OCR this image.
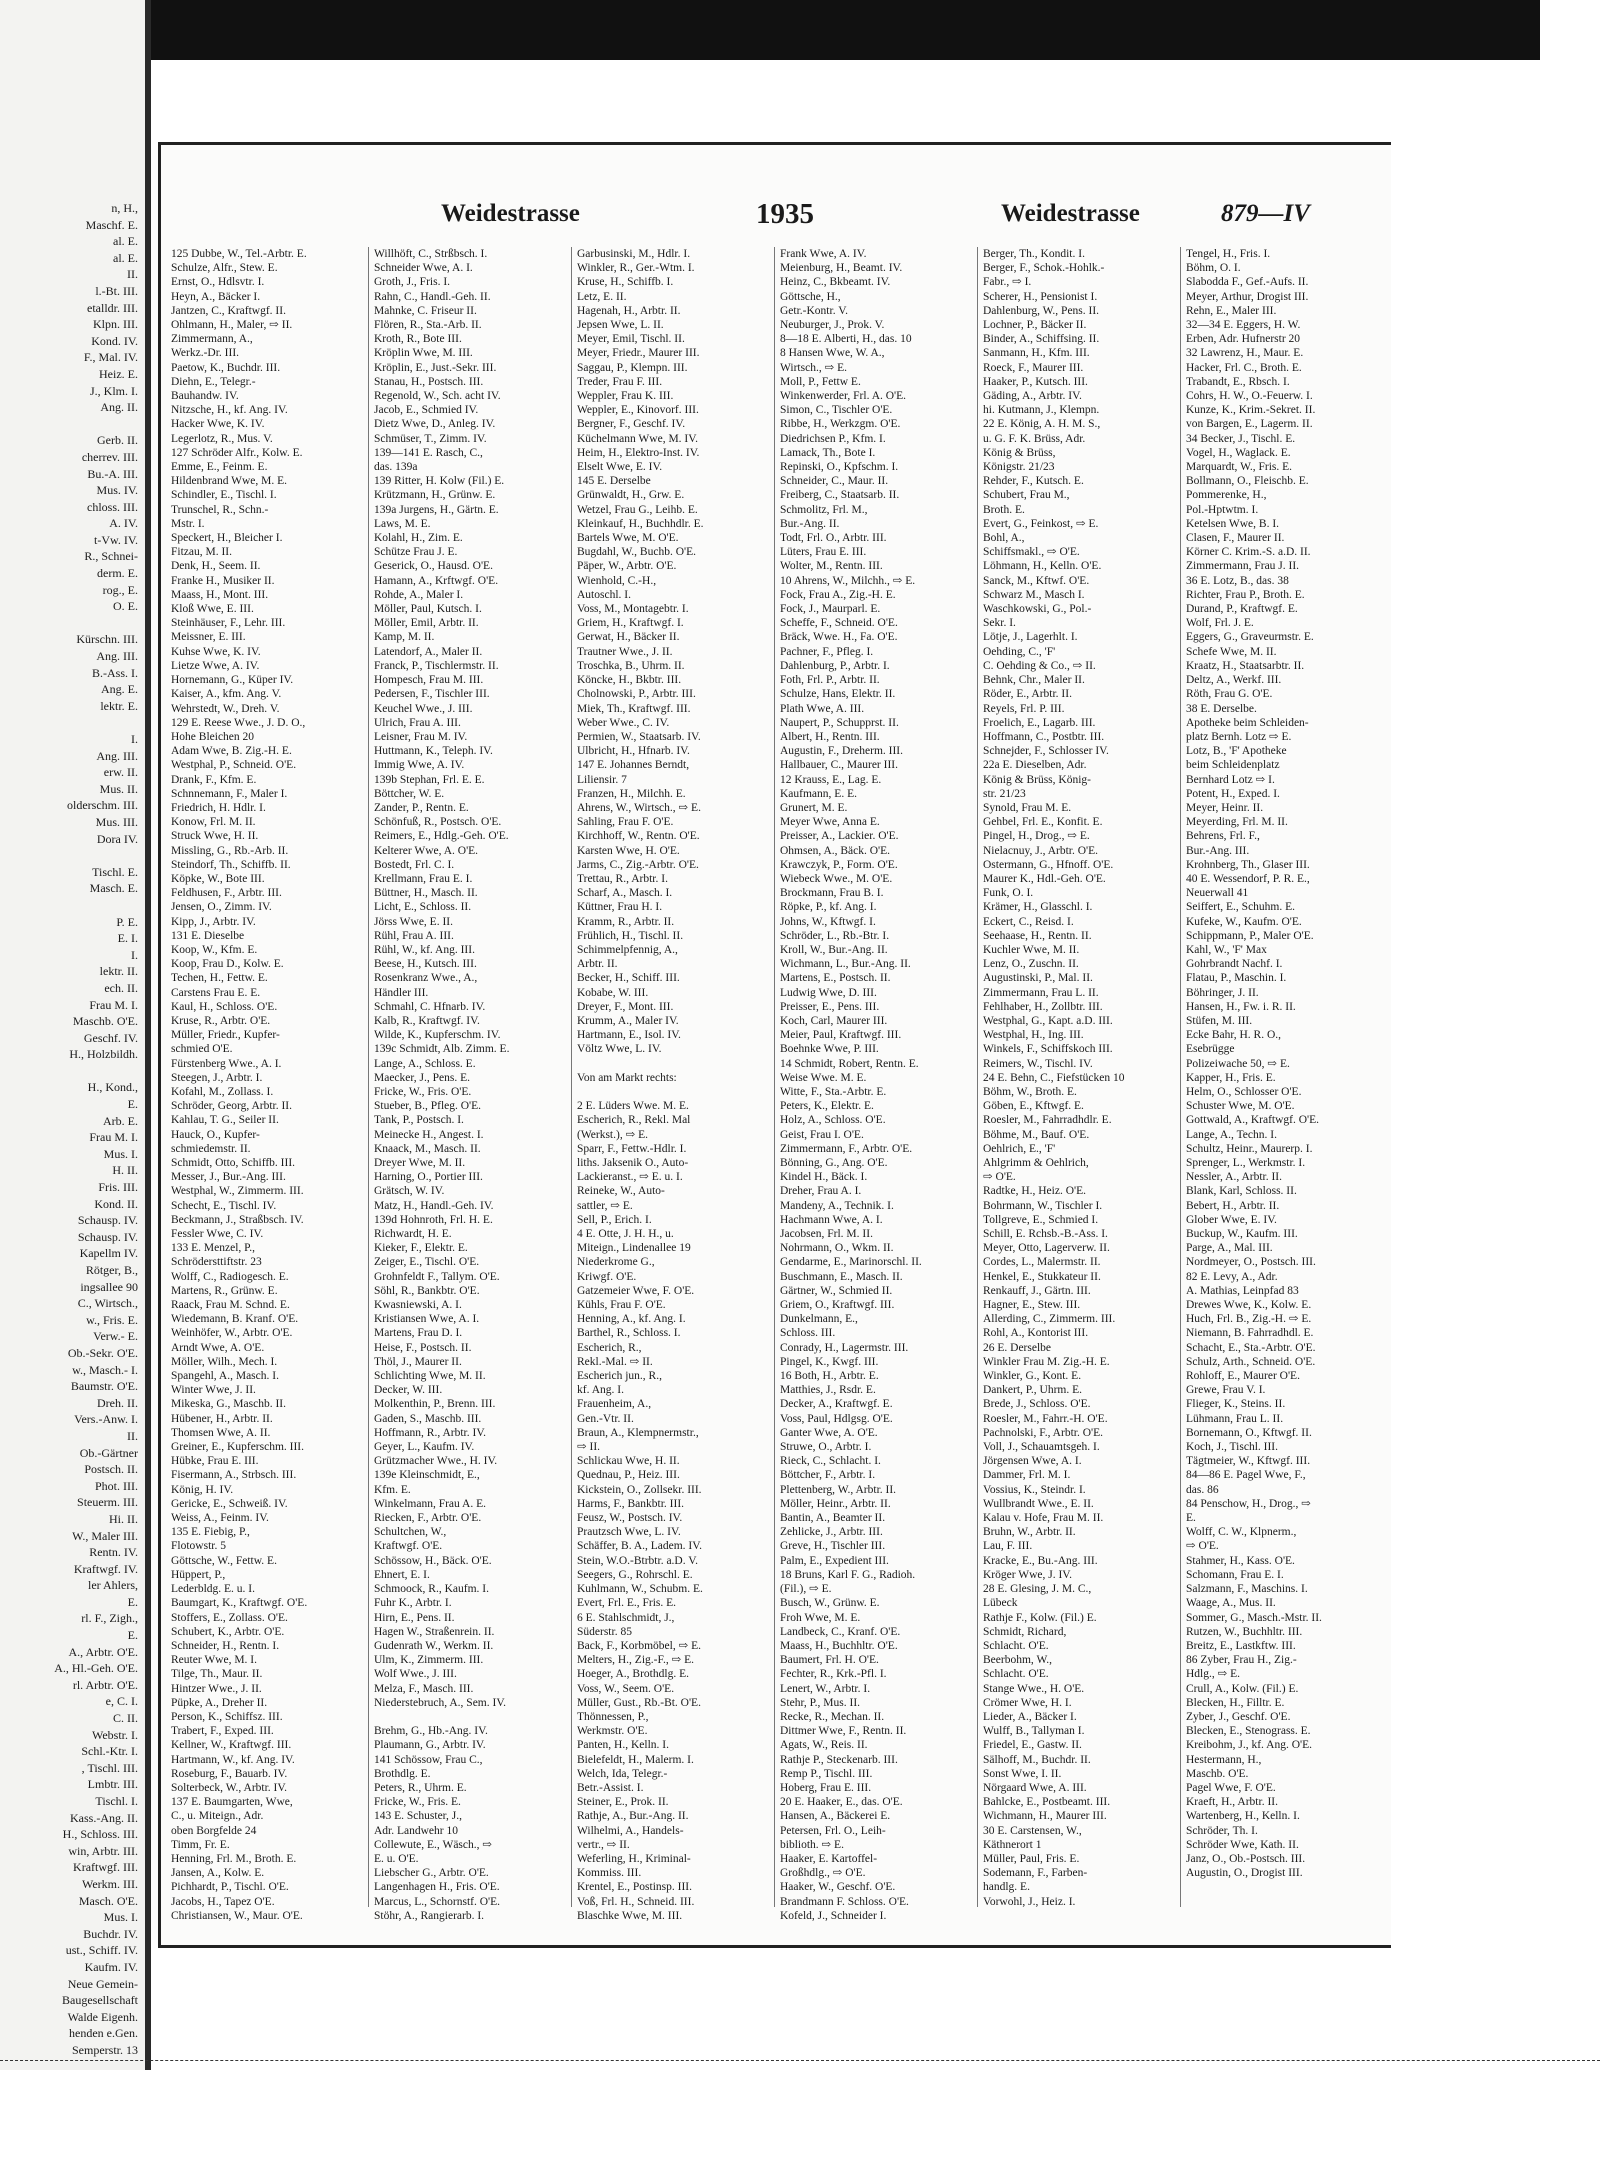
n, H.,
Maschf. E.
al. E.
al. E.
II.
l.-Bt. III.
etalldr. III.
Klpn. III.
Kond. IV.
F., Mal. IV.
Heiz. E.
J., Klm. I.
Ang. II.

Gerb. II.
cherrev. III.
Bu.-A. III.
Mus. IV.
chloss. III.
A. IV.
t-Vw. IV.
R., Schnei-
derm. E.
rog., E.
O. E.

Kürschn. III.
Ang. III.
B.-Ass. I.
Ang. E.
lektr. E.

I.
Ang. III.
erw. II.
Mus. II.
olderschm. III.
Mus. III.
Dora IV.

Tischl. E.
Masch. E.

P. E.
E. I.
I.
lektr. II.
ech. II.
Frau M. I.
Maschb. O'E.
Geschf. IV.
H., Holzbildh.

H., Kond.,
E.
Arb. E.
Frau M. I.
Mus. I.
H. II.
Fris. III.
Kond. II.
Schausp. IV.
Schausp. IV.
Kapellm IV.
Rötger, B.,
ingsallee 90
C., Wirtsch.,
w., Fris. E.
Verw.- E.
Ob.-Sekr. O'E.
w., Masch.- I.
Baumstr. O'E.
Dreh. II.
Vers.-Anw. I.
II.
Ob.-Gärtner
Postsch. II.
Phot. III.
Steuerm. III.
Hi. II.
W., Maler III.
Rentn. IV.
Kraftwgf. IV.
ler Ahlers,
E.
rl. F., Zigh.,
E.
A., Arbtr. O'E.
A., Hl.-Geh. O'E.
rl. Arbtr. O'E.
e, C. I.
C. II.
Webstr. I.
Schl.-Ktr. I.
, Tischl. III.
Lmbtr. III.
Tischl. I.
Kass.-Ang. II.
H., Schloss. III.
win, Arbtr. III.
Kraftwgf. III.
Werkm. III.
Masch. O'E.
Mus. I.
Buchdr. IV.
ust., Schiff. IV.
Kaufm. IV.
Neue Gemein-
Baugesellschaft
Walde Eigenh.
henden e.Gen.
Semperstr. 13
Weidestrasse	1935	Weidestrasse	879—IV
125 Dubbe, W., Tel.-Arbtr. E.
Schulze, Alfr., Stew. E.
Ernst, O., Hdlsvtr. I.
Heyn, A., Bäcker I.
Jantzen, C., Kraftwgf. II.
Ohlmann, H., Maler, ⇨ II.
Zimmermann, A.,
Werkz.-Dr. III.
Paetow, K., Buchdr. III.
Diehn, E., Telegr.-
Bauhandw. IV.
Nitzsche, H., kf. Ang. IV.
Hacker Wwe, K. IV.
Legerlotz, R., Mus. V.
127 Schröder Alfr., Kolw. E.
Emme, E., Feinm. E.
Hildenbrand Wwe, M. E.
Schindler, E., Tischl. I.
Trunschel, R., Schn.-
Mstr. I.
Speckert, H., Bleicher I.
Fitzau, M. II.
Denk, H., Seem. II.
Franke H., Musiker II.
Maass, H., Mont. III.
Kloß Wwe, E. III.
Steinhäuser, F., Lehr. III.
Meissner, E. III.
Kuhse Wwe, K. IV.
Lietze Wwe, A. IV.
Hornemann, G., Küper IV.
Kaiser, A., kfm. Ang. V.
Wehrstedt, W., Dreh. V.
129 E. Reese Wwe., J. D. O.,
Hohe Bleichen 20
Adam Wwe, B. Zig.-H. E.
Westphal, P., Schneid. O'E.
Drank, F., Kfm. E.
Schnnemann, F., Maler I.
Friedrich, H. Hdlr. I.
Konow, Frl. M. II.
Struck Wwe, H. II.
Missling, G., Rb.-Arb. II.
Steindorf, Th., Schiffb. II.
Köpke, W., Bote III.
Feldhusen, F., Arbtr. III.
Jensen, O., Zimm. IV.
Kipp, J., Arbtr. IV.
131 E. Dieselbe
Koop, W., Kfm. E.
Koop, Frau D., Kolw. E.
Techen, H., Fettw. E.
Carstens Frau E. E.
Kaul, H., Schloss. O'E.
Kruse, R., Arbtr. O'E.
Müller, Friedr., Kupfer-
schmied O'E.
Fürstenberg Wwe., A. I.
Steegen, J., Arbtr. I.
Kofahl, M., Zollass. I.
Schröder, Georg, Arbtr. II.
Kahlau, T. G., Seiler II.
Hauck, O., Kupfer-
schmiedemstr. II.
Schmidt, Otto, Schiffb. III.
Messer, J., Bur.-Ang. III.
Westphal, W., Zimmerm. III.
Schecht, E., Tischl. IV.
Beckmann, J., Straßbsch. IV.
Fessler Wwe, C. IV.
133 E. Menzel, P.,
Schrödersttiftstr. 23
Wolff, C., Radiogesch. E.
Martens, R., Grünw. E.
Raack, Frau M. Schnd. E.
Wiedemann, B. Kranf. O'E.
Weinhöfer, W., Arbtr. O'E.
Arndt Wwe, A. O'E.
Möller, Wilh., Mech. I.
Spangehl, A., Masch. I.
Winter Wwe, J. II.
Mikeska, G., Maschb. II.
Hübener, H., Arbtr. II.
Thomsen Wwe, A. II.
Greiner, E., Kupferschm. III.
Hübke, Frau E. III.
Fisermann, A., Strbsch. III.
König, H. IV.
Gericke, E., Schweiß. IV.
Weiss, A., Feinm. IV.
135 E. Fiebig, P.,
Flotowstr. 5
Göttsche, W., Fettw. E.
Hüppert, P.,
Lederbldg. E. u. I.
Baumgart, K., Kraftwgf. O'E.
Stoffers, E., Zollass. O'E.
Schubert, K., Arbtr. O'E.
Schneider, H., Rentn. I.
Reuter Wwe, M. I.
Tilge, Th., Maur. II.
Hintzer Wwe., J. II.
Püpke, A., Dreher II.
Person, K., Schiffsz. III.
Trabert, F., Exped. III.
Kellner, W., Kraftwgf. III.
Hartmann, W., kf. Ang. IV.
Roseburg, F., Bauarb. IV.
Solterbeck, W., Arbtr. IV.
137 E. Baumgarten, Wwe,
C., u. Miteign., Adr.
oben Borgfelde 24
Timm, Fr. E.
Henning, Frl. M., Broth. E.
Jansen, A., Kolw. E.
Pichhardt, P., Tischl. O'E.
Jacobs, H., Tapez O'E.
Christiansen, W., Maur. O'E.
Willhöft, C., Strßbsch. I.
Schneider Wwe, A. I.
Groth, J., Fris. I.
Rahn, C., Handl.-Geh. II.
Mahnke, C. Friseur II.
Flören, R., Sta.-Arb. II.
Kroth, R., Bote III.
Kröplin Wwe, M. III.
Kröplin, E., Just.-Sekr. III.
Stanau, H., Postsch. III.
Regenold, W., Sch. acht IV.
Jacob, E., Schmied IV.
Dietz Wwe, D., Anleg. IV.
Schmüser, T., Zimm. IV.
139—141 E. Rasch, C.,
das. 139a
139 Ritter, H. Kolw (Fil.) E.
Krützmann, H., Grünw. E.
139a Jurgens, H., Gärtn. E.
Laws, M. E.
Kolahl, H., Zim. E.
Schütze Frau J. E.
Geserick, O., Hausd. O'E.
Hamann, A., Krftwgf. O'E.
Rohde, A., Maler I.
Möller, Paul, Kutsch. I.
Möller, Emil, Arbtr. II.
Kamp, M. II.
Latendorf, A., Maler II.
Franck, P., Tischlermstr. II.
Hompesch, Frau M. III.
Pedersen, F., Tischler III.
Keuchel Wwe., J. III.
Ulrich, Frau A. III.
Leisner, Frau M. IV.
Huttmann, K., Teleph. IV.
Immig Wwe, A. IV.
139b Stephan, Frl. E. E.
Böttcher, W. E.
Zander, P., Rentn. E.
Schönfuß, R., Postsch. O'E.
Reimers, E., Hdlg.-Geh. O'E.
Kelterer Wwe, A. O'E.
Bostedt, Frl. C. I.
Krellmann, Frau E. I.
Büttner, H., Masch. II.
Licht, E., Schloss. II.
Jörss Wwe, E. II.
Rühl, Frau A. III.
Rühl, W., kf. Ang. III.
Beese, H., Kutsch. III.
Rosenkranz Wwe., A.,
Händler III.
Schmahl, C. Hfnarb. IV.
Kalb, R., Kraftwgf. IV.
Wilde, K., Kupferschm. IV.
139c Schmidt, Alb. Zimm. E.
Lange, A., Schloss. E.
Maecker, J., Pens. E.
Fricke, W., Fris. O'E.
Stueber, B., Pfleg. O'E.
Tank, P., Postsch. I.
Meinecke H., Angest. I.
Knaack, M., Masch. II.
Dreyer Wwe, M. II.
Harning, O., Portier III.
Grätsch, W. IV.
Matz, H., Handl.-Geh. IV.
139d Hohnroth, Frl. H. E.
Richwardt, H. E.
Kieker, F., Elektr. E.
Zeiger, E., Tischl. O'E.
Grohnfeldt F., Tallym. O'E.
Söhl, R., Bankbtr. O'E.
Kwasniewski, A. I.
Kristiansen Wwe, A. I.
Martens, Frau D. I.
Heise, F., Postsch. II.
Thöl, J., Maurer II.
Schlichting Wwe, M. II.
Decker, W. III.
Molkenthin, P., Brenn. III.
Gaden, S., Maschb. III.
Hoffmann, R., Arbtr. IV.
Geyer, L., Kaufm. IV.
Grützmacher Wwe., H. IV.
139e Kleinschmidt, E.,
Kfm. E.
Winkelmann, Frau A. E.
Riecken, F., Arbtr. O'E.
Schultchen, W.,
Kraftwgf. O'E.
Schössow, H., Bäck. O'E.
Ehnert, E. I.
Schmoock, R., Kaufm. I.
Fuhr K., Arbtr. I.
Hirn, E., Pens. II.
Hagen W., Straßenrein. II.
Gudenrath W., Werkm. II.
Ulm, K., Zimmerm. III.
Wolf Wwe., J. III.
Melza, F., Masch. III.
Niederstebruch, A., Sem. IV.

Brehm, G., Hb.-Ang. IV.
Plaumann, G., Arbtr. IV.
141 Schössow, Frau C.,
Brothdlg. E.
Peters, R., Uhrm. E.
Fricke, W., Fris. E.
143 E. Schuster, J.,
Adr. Landwehr 10
Collewute, E., Wäsch., ⇨
E. u. O'E.
Liebscher G., Arbtr. O'E.
Langenhagen H., Fris. O'E.
Marcus, L., Schornstf. O'E.
Stöhr, A., Rangierarb. I.
Garbusinski, M., Hdlr. I.
Winkler, R., Ger.-Wtm. I.
Kruse, H., Schiffb. I.
Letz, E. II.
Hagenah, H., Arbtr. II.
Jepsen Wwe, L. II.
Meyer, Emil, Tischl. II.
Meyer, Friedr., Maurer III.
Saggau, P., Klempn. III.
Treder, Frau F. III.
Weppler, Frau K. III.
Weppler, E., Kinovorf. III.
Bergner, F., Geschf. IV.
Küchelmann Wwe, M. IV.
Heim, H., Elektro-Inst. IV.
Elselt Wwe, E. IV.
145 E. Derselbe
Grünwaldt, H., Grw. E.
Wetzel, Frau G., Leihb. E.
Kleinkauf, H., Buchhdlr. E.
Bartels Wwe, M. O'E.
Bugdahl, W., Buchb. O'E.
Päper, W., Arbtr. O'E.
Wienhold, C.-H.,
Autoschl. I.
Voss, M., Montagebtr. I.
Griem, H., Kraftwgf. I.
Gerwat, H., Bäcker II.
Trautner Wwe., J. II.
Troschka, B., Uhrm. II.
Köncke, H., Bkbtr. III.
Cholnowski, P., Arbtr. III.
Miek, Th., Kraftwgf. III.
Weber Wwe., C. IV.
Permien, W., Staatsarb. IV.
Ulbricht, H., Hfnarb. IV.
147 E. Johannes Berndt,
Liliensir. 7
Franzen, H., Milchh. E.
Ahrens, W., Wirtsch., ⇨ E.
Sahling, Frau F. O'E.
Kirchhoff, W., Rentn. O'E.
Karsten Wwe, H. O'E.
Jarms, C., Zig.-Arbtr. O'E.
Trettau, R., Arbtr. I.
Scharf, A., Masch. I.
Küttner, Frau H. I.
Kramm, R., Arbtr. II.
Frühlich, H., Tischl. II.
Schimmelpfennig, A.,
Arbtr. II.
Becker, H., Schiff. III.
Kobabe, W. III.
Dreyer, F., Mont. III.
Krumm, A., Maler IV.
Hartmann, E., Isol. IV.
Völtz Wwe, L. IV.

Von am Markt rechts:

2 E. Lüders Wwe. M. E.
Escherich, R., Rekl. Mal
(Werkst.), ⇨ E.
Sparr, F., Fettw.-Hdlr. I.
liths. Jaksenik O., Auto-
Lackieranst., ⇨ E. u. I.
Reineke, W., Auto-
sattler, ⇨ E.
Sell, P., Erich. I.
4 E. Otte, J. H. H., u.
Miteign., Lindenallee 19
Niederkrome G.,
Kriwgf. O'E.
Gatzemeier Wwe, F. O'E.
Kühls, Frau F. O'E.
Henning, A., kf. Ang. I.
Barthel, R., Schloss. I.
Escherich, R.,
Rekl.-Mal. ⇨ II.
Escherich jun., R.,
kf. Ang. I.
Frauenheim, A.,
Gen.-Vtr. II.
Braun, A., Klempnermstr.,
⇨ II.
Schlickau Wwe, H. II.
Quednau, P., Heiz. III.
Kickstein, O., Zollsekr. III.
Harms, F., Bankbtr. III.
Feusz, W., Postsch. IV.
Prautzsch Wwe, L. IV.
Schäffer, B. A., Ladem. IV.
Stein, W.O.-Btrbtr. a.D. V.
Seegers, G., Rohrschl. E.
Kuhlmann, W., Schubm. E.
Evert, Frl. E., Fris. E.
6 E. Stahlschmidt, J.,
Süderstr. 85
Back, F., Korbmöbel, ⇨ E.
Melters, H., Zig.-F., ⇨ E.
Hoeger, A., Brothdlg. E.
Voss, W., Seem. O'E.
Müller, Gust., Rb.-Bt. O'E.
Thönnessen, P.,
Werkmstr. O'E.
Panten, H., Kelln. I.
Bielefeldt, H., Malerm. I.
Welch, Ida, Telegr.-
Betr.-Assist. I.
Steiner, E., Prok. II.
Rathje, A., Bur.-Ang. II.
Wilhelmi, A., Handels-
vertr., ⇨ II.
Weferling, H., Kriminal-
Kommiss. III.
Krentel, E., Postinsp. III.
Voß, Frl. H., Schneid. III.
Blaschke Wwe, M. III.
Frank Wwe, A. IV.
Meienburg, H., Beamt. IV.
Heinz, C., Bkbeamt. IV.
Göttsche, H.,
Getr.-Kontr. V.
Neuburger, J., Prok. V.
8—18 E. Alberti, H., das. 10
8 Hansen Wwe, W. A.,
Wirtsch., ⇨ E.
Moll, P., Fettw E.
Winkenwerder, Frl. A. O'E.
Simon, C., Tischler O'E.
Ribbe, H., Werkzgm. O'E.
Diedrichsen P., Kfm. I.
Lamack, Th., Bote I.
Repinski, O., Kpfschm. I.
Schneider, C., Maur. II.
Freiberg, C., Staatsarb. II.
Schmolitz, Frl. M.,
Bur.-Ang. II.
Todt, Frl. O., Arbtr. III.
Lüters, Frau E. III.
Wolter, M., Rentn. III.
10 Ahrens, W., Milchh., ⇨ E.
Fock, Frau A., Zig.-H. E.
Fock, J., Maurparl. E.
Scheffe, F., Schneid. O'E.
Bräck, Wwe. H., Fa. O'E.
Pachner, F., Pfleg. I.
Dahlenburg, P., Arbtr. I.
Foth, Frl. P., Arbtr. II.
Schulze, Hans, Elektr. II.
Plath Wwe, A. III.
Naupert, P., Schupprst. II.
Albert, H., Rentn. III.
Augustin, F., Dreherm. III.
Hallbauer, C., Maurer III.
12 Krauss, E., Lag. E.
Kaufmann, E. E.
Grunert, M. E.
Meyer Wwe, Anna E.
Preisser, A., Lackier. O'E.
Ohmsen, A., Bäck. O'E.
Krawczyk, P., Form. O'E.
Wiebeck Wwe., M. O'E.
Brockmann, Frau B. I.
Röpke, P., kf. Ang. I.
Johns, W., Kftwgf. I.
Schröder, L., Rb.-Btr. I.
Kroll, W., Bur.-Ang. II.
Wichmann, L., Bur.-Ang. II.
Martens, E., Postsch. II.
Ludwig Wwe, D. III.
Preisser, E., Pens. III.
Koch, Carl, Maurer III.
Meier, Paul, Kraftwgf. III.
Boehnke Wwe, P. III.
14 Schmidt, Robert, Rentn. E.
Weise Wwe. M. E.
Witte, F., Sta.-Arbtr. E.
Peters, K., Elektr. E.
Holz, A., Schloss. O'E.
Geist, Frau I. O'E.
Zimmermann, F., Arbtr. O'E.
Bönning, G., Ang. O'E.
Kindel H., Bäck. I.
Dreher, Frau A. I.
Mandeny, A., Technik. I.
Hachmann Wwe, A. I.
Jacobsen, Frl. M. II.
Nohrmann, O., Wkm. II.
Gendarme, E., Marinorschl. II.
Buschmann, E., Masch. II.
Gärtner, W., Schmied II.
Griem, O., Kraftwgf. III.
Dunkelmann, E.,
Schloss. III.
Conrady, H., Lagermstr. III.
Pingel, K., Kwgf. III.
16 Both, H., Arbtr. E.
Matthies, J., Rsdr. E.
Decker, A., Kraftwgf. E.
Voss, Paul, Hdlgsg. O'E.
Ganter Wwe, A. O'E.
Struwe, O., Arbtr. I.
Rieck, C., Schlacht. I.
Böttcher, F., Arbtr. I.
Plettenberg, W., Arbtr. II.
Möller, Heinr., Arbtr. II.
Bantin, A., Beamter II.
Zehlicke, J., Arbtr. III.
Greve, H., Tischler III.
Palm, E., Expedient III.
18 Bruns, Karl F. G., Radioh.
(Fil.), ⇨ E.
Busch, W., Grünw. E.
Froh Wwe, M. E.
Landbeck, C., Kranf. O'E.
Maass, H., Buchhltr. O'E.
Baumert, Frl. H. O'E.
Fechter, R., Krk.-Pfl. I.
Lenert, W., Arbtr. I.
Stehr, P., Mus. II.
Recke, R., Mechan. II.
Dittmer Wwe, F., Rentn. II.
Agats, W., Reis. II.
Rathje P., Steckenarb. III.
Remp P., Tischl. III.
Hoberg, Frau E. III.
20 E. Haaker, E., das. O'E.
Hansen, A., Bäckerei E.
Petersen, Frl. O., Leih-
biblioth. ⇨ E.
Haaker, E. Kartoffel-
Großhdlg., ⇨ O'E.
Haaker, W., Geschf. O'E.
Brandmann F. Schloss. O'E.
Kofeld, J., Schneider I.
Berger, Th., Kondit. I.
Berger, F., Schok.-Hohlk.-
Fabr., ⇨ I.
Scherer, H., Pensionist I.
Dahlenburg, W., Pens. II.
Lochner, P., Bäcker II.
Binder, A., Schiffsing. II.
Sanmann, H., Kfm. III.
Roeck, F., Maurer III.
Haaker, P., Kutsch. III.
Gäding, A., Arbtr. IV.
hi. Kutmann, J., Klempn.
22 E. König, A. H. M. S.,
u. G. F. K. Brüss, Adr.
König & Brüss,
Königstr. 21/23
Rehder, F., Kutsch. E.
Schubert, Frau M.,
Broth. E.
Evert, G., Feinkost, ⇨ E.
Bohl, A.,
Schiffsmakl., ⇨ O'E.
Löhmann, H., Kelln. O'E.
Sanck, M., Kftwf. O'E.
Schwarz M., Masch I.
Waschkowski, G., Pol.-
Sekr. I.
Lötje, J., Lagerhlt. I.
Oehding, C., 'F'
C. Oehding & Co., ⇨ II.
Behnk, Chr., Maler II.
Röder, E., Arbtr. II.
Reyels, Frl. P. III.
Froelich, E., Lagarb. III.
Hoffmann, C., Postbtr. III.
Schnejder, F., Schlosser IV.
22a E. Dieselben, Adr.
König & Brüss, König-
str. 21/23
Synold, Frau M. E.
Gehbel, Frl. E., Konfit. E.
Pingel, H., Drog., ⇨ E.
Nielacnuy, J., Arbtr. O'E.
Ostermann, G., Hfnoff. O'E.
Maurer K., Hdl.-Geh. O'E.
Funk, O. I.
Krämer, H., Glasschl. I.
Eckert, C., Reisd. I.
Seehaase, H., Rentn. II.
Kuchler Wwe, M. II.
Lenz, O., Zuschn. II.
Augustinski, P., Mal. II.
Zimmermann, Frau L. II.
Fehlhaber, H., Zollbtr. III.
Westphal, G., Kapt. a.D. III.
Westphal, H., Ing. III.
Winkels, F., Schiffskoch III.
Reimers, W., Tischl. IV.
24 E. Behn, C., Fiefstücken 10
Böhm, W., Broth. E.
Göben, E., Kftwgf. E.
Roesler, M., Fahrradhdlr. E.
Böhme, M., Bauf. O'E.
Oehlrich, E., 'F'
Ahlgrimm & Oehlrich,
⇨ O'E.
Radtke, H., Heiz. O'E.
Bohrmann, W., Tischler I.
Tollgreve, E., Schmied I.
Schill, E. Rchsb.-B.-Ass. I.
Meyer, Otto, Lagerverw. II.
Cordes, L., Malermstr. II.
Henkel, E., Stukkateur II.
Renkauff, J., Gärtn. III.
Hagner, E., Stew. III.
Allerding, C., Zimmerm. III.
Rohl, A., Kontorist III.
26 E. Derselbe
Winkler Frau M. Zig.-H. E.
Winkler, G., Kont. E.
Dankert, P., Uhrm. E.
Brede, J., Schloss. O'E.
Roesler, M., Fahrr.-H. O'E.
Pachnolski, F., Arbtr. O'E.
Voll, J., Schauamtsgeh. I.
Jörgensen Wwe, A. I.
Dammer, Frl. M. I.
Vossius, K., Steindr. I.
Wullbrandt Wwe., E. II.
Kalau v. Hofe, Frau M. II.
Bruhn, W., Arbtr. II.
Lau, F. III.
Kracke, E., Bu.-Ang. III.
Kröger Wwe, J. IV.
28 E. Glesing, J. M. C.,
Lübeck
Rathje F., Kolw. (Fil.) E.
Schmidt, Richard,
Schlacht. O'E.
Beerbohm, W.,
Schlacht. O'E.
Stange Wwe., H. O'E.
Crömer Wwe, H. I.
Lieder, A., Bäcker I.
Wulff, B., Tallyman I.
Friedel, E., Gastw. II.
Sälhoff, M., Buchdr. II.
Sonst Wwe, I. II.
Nörgaard Wwe, A. III.
Bahlcke, E., Postbeamt. III.
Wichmann, H., Maurer III.
30 E. Carstensen, W.,
Käthnerort 1
Müller, Paul, Fris. E.
Sodemann, F., Farben-
handlg. E.
Vorwohl, J., Heiz. I.
Tengel, H., Fris. I.
Böhm, O. I.
Slabodda F., Gef.-Aufs. II.
Meyer, Arthur, Drogist III.
Rehn, E., Maler III.
32—34 E. Eggers, H. W.
Erben, Adr. Hufnerstr 20
32 Lawrenz, H., Maur. E.
Hacker, Frl. C., Broth. E.
Trabandt, E., Rbsch. I.
Cohrs, H. W., O.-Feuerw. I.
Kunze, K., Krim.-Sekret. II.
von Bargen, E., Lagerm. II.
34 Becker, J., Tischl. E.
Vogel, H., Waglack. E.
Marquardt, W., Fris. E.
Bollmann, O., Fleischb. E.
Pommerenke, H.,
Pol.-Hptwtm. I.
Ketelsen Wwe, B. I.
Clasen, F., Maurer II.
Körner C. Krim.-S. a.D. II.
Zimmermann, Frau J. II.
36 E. Lotz, B., das. 38
Richter, Frau P., Broth. E.
Durand, P., Kraftwgf. E.
Wolf, Frl. J. E.
Eggers, G., Graveurmstr. E.
Schefe Wwe, M. II.
Kraatz, H., Staatsarbtr. II.
Deltz, A., Werkf. III.
Röth, Frau G. O'E.
38 E. Derselbe.
Apotheke beim Schleiden-
platz Bernh. Lotz ⇨ E.
Lotz, B., 'F' Apotheke
beim Schleidenplatz
Bernhard Lotz ⇨ I.
Potent, H., Exped. I.
Meyer, Heinr. II.
Meyerding, Frl. M. II.
Behrens, Frl. F.,
Bur.-Ang. III.
Krohnberg, Th., Glaser III.
40 E. Wessendorf, P. R. E.,
Neuerwall 41
Seiffert, E., Schuhm. E.
Kufeke, W., Kaufm. O'E.
Schippmann, P., Maler O'E.
Kahl, W., 'F' Max
Gohrbrandt Nachf. I.
Flatau, P., Maschin. I.
Böhringer, J. II.
Hansen, H., Fw. i. R. II.
Stüfen, M. III.
Ecke Bahr, H. R. O.,
Esebrügge
Polizeiwache 50, ⇨ E.
Kapper, H., Fris. E.
Helm, O., Schlosser O'E.
Schuster Wwe, M. O'E.
Gottwald, A., Kraftwgf. O'E.
Lange, A., Techn. I.
Schultz, Heinr., Maurerp. I.
Sprenger, L., Werkmstr. I.
Nessler, A., Arbtr. II.
Blank, Karl, Schloss. II.
Bebert, H., Arbtr. II.
Glober Wwe, E. IV.
Buckup, W., Kaufm. III.
Parge, A., Mal. III.
Nordmeyer, O., Postsch. III.
82 E. Levy, A., Adr.
A. Mathias, Leinpfad 83
Drewes Wwe, K., Kolw. E.
Huch, Frl. B., Zig.-H. ⇨ E.
Niemann, B. Fahrradhdl. E.
Schacht, E., Sta.-Arbtr. O'E.
Schulz, Arth., Schneid. O'E.
Rohloff, E., Maurer O'E.
Grewe, Frau V. I.
Flieger, K., Steins. II.
Lühmann, Frau L. II.
Bornemann, O., Kftwgf. II.
Koch, J., Tischl. III.
Tägtmeier, W., Kftwgf. III.
84—86 E. Pagel Wwe, F.,
das. 86
84 Penschow, H., Drog., ⇨
E.
Wolff, C. W., Klpnerm.,
⇨ O'E.
Stahmer, H., Kass. O'E.
Schomann, Frau E. I.
Salzmann, F., Maschins. I.
Waage, A., Mus. II.
Sommer, G., Masch.-Mstr. II.
Rutzen, W., Buchhltr. III.
Breitz, E., Lastkftw. III.
86 Zyber, Frau H., Zig.-
Hdlg., ⇨ E.
Crull, A., Kolw. (Fil.) E.
Blecken, H., Filltr. E.
Zyber, J., Geschf. O'E.
Blecken, E., Stenograss. E.
Kreibohm, J., kf. Ang. O'E.
Hestermann, H.,
Maschb. O'E.
Pagel Wwe, F. O'E.
Kraeft, H., Arbtr. II.
Wartenberg, H., Kelln. I.
Schröder, Th. I.
Schröder Wwe, Kath. II.
Janz, O., Ob.-Postsch. III.
Augustin, O., Drogist III.
